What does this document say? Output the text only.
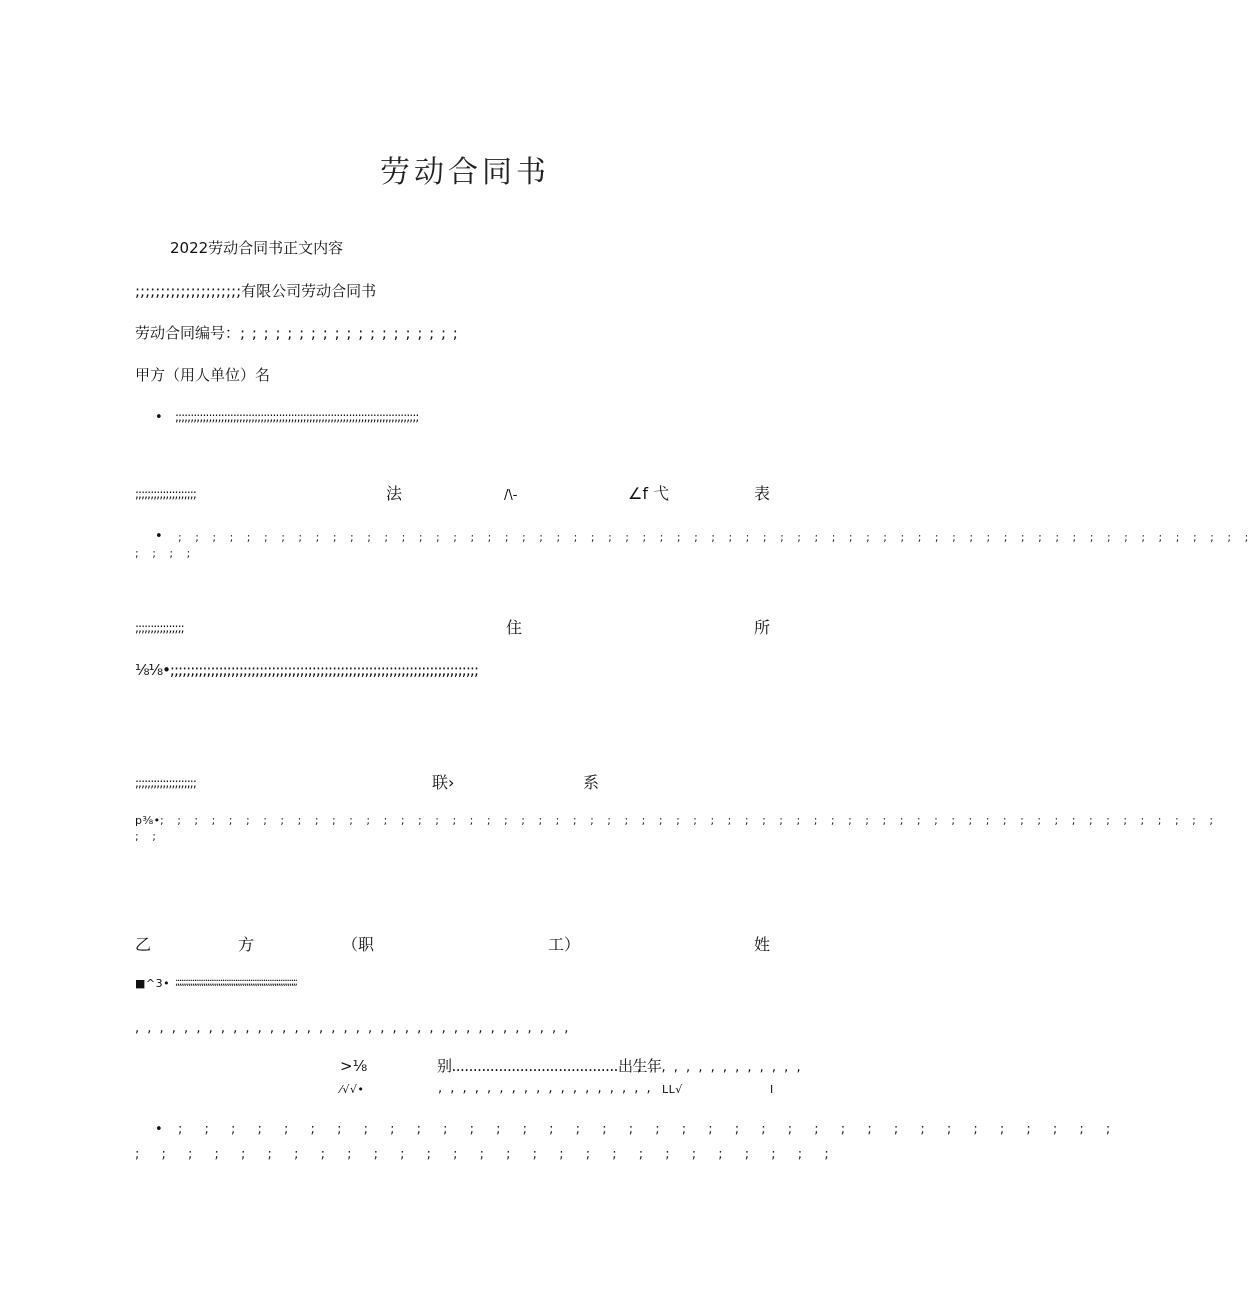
劳动合同书
2022劳动合同书正文内容
;;;;;;;;;;;;;;;;;;;;;有限公司劳动合同书
劳动合同编号：; ; ; ; ; ; ; ; ; ; ; ; ; ; ; ; ; ; ;
甲方（用人单位）名
• ;;;;;;;;;;;;;;;;;;;;;;;;;;;;;;;;;;;;;;;;;;;;;;;;;;;;;;;;;;;;;;;;;;;;;;;;;;;;;;;;
;;;;;;;;;;;;;;;;;;;;	法	/\-	∠f 弋	表
• ; ; ; ; ; ; ; ; ; ; ; ; ; ; ; ; ; ; ; ; ; ; ; ; ; ; ; ; ; ; ; ; ; ; ; ; ; ; ; ; ; ; ; ; ; ; ; ; ; ; ; ; ; ; ; ; ; ; ; ; ; ; ;
; ; ; ;
;;;;;;;;;;;;;;;;	住	所
⅛⅛•;;;;;;;;;;;;;;;;;;;;;;;;;;;;;;;;;;;;;;;;;;;;;;;;;;;;;;;;;;;;;;;;;;;;;;;;;;;;
;;;;;;;;;;;;;;;;;;;;	联›	系
p⅜• ; ; ; ; ; ; ; ; ; ; ; ; ; ; ; ; ; ; ; ; ; ; ; ; ; ; ; ; ; ; ; ; ; ; ; ; ; ; ; ; ; ; ; ; ; ; ; ; ; ; ; ; ; ; ; ; ; ; ; ; ; ;
; ;
乙	方	（职	工）	姓
■^3• ;;;;;;;;;;;;;;;;;;;;;;;;;;;;;;;;;;;;;;;;;;;;;;;;;;;;;;;;;;;;;;;;;
, , , , , , , , , , , , , , , , , , , , , , , , , , , , , , , , , , , ,
>⅛	别.......................................出生年
, , , , , , , , , , , , , ,
⁄√√•	, , , , , , , , , , , , , , , , , , LL√	I
• ; ; ; ; ; ; ; ; ; ; ; ; ; ; ; ; ; ; ; ; ; ; ; ; ; ; ; ; ; ; ; ; ; ; ; ;
; ; ; ; ; ; ; ; ; ; ; ; ; ; ; ; ; ; ; ; ; ; ; ; ; ; ;
